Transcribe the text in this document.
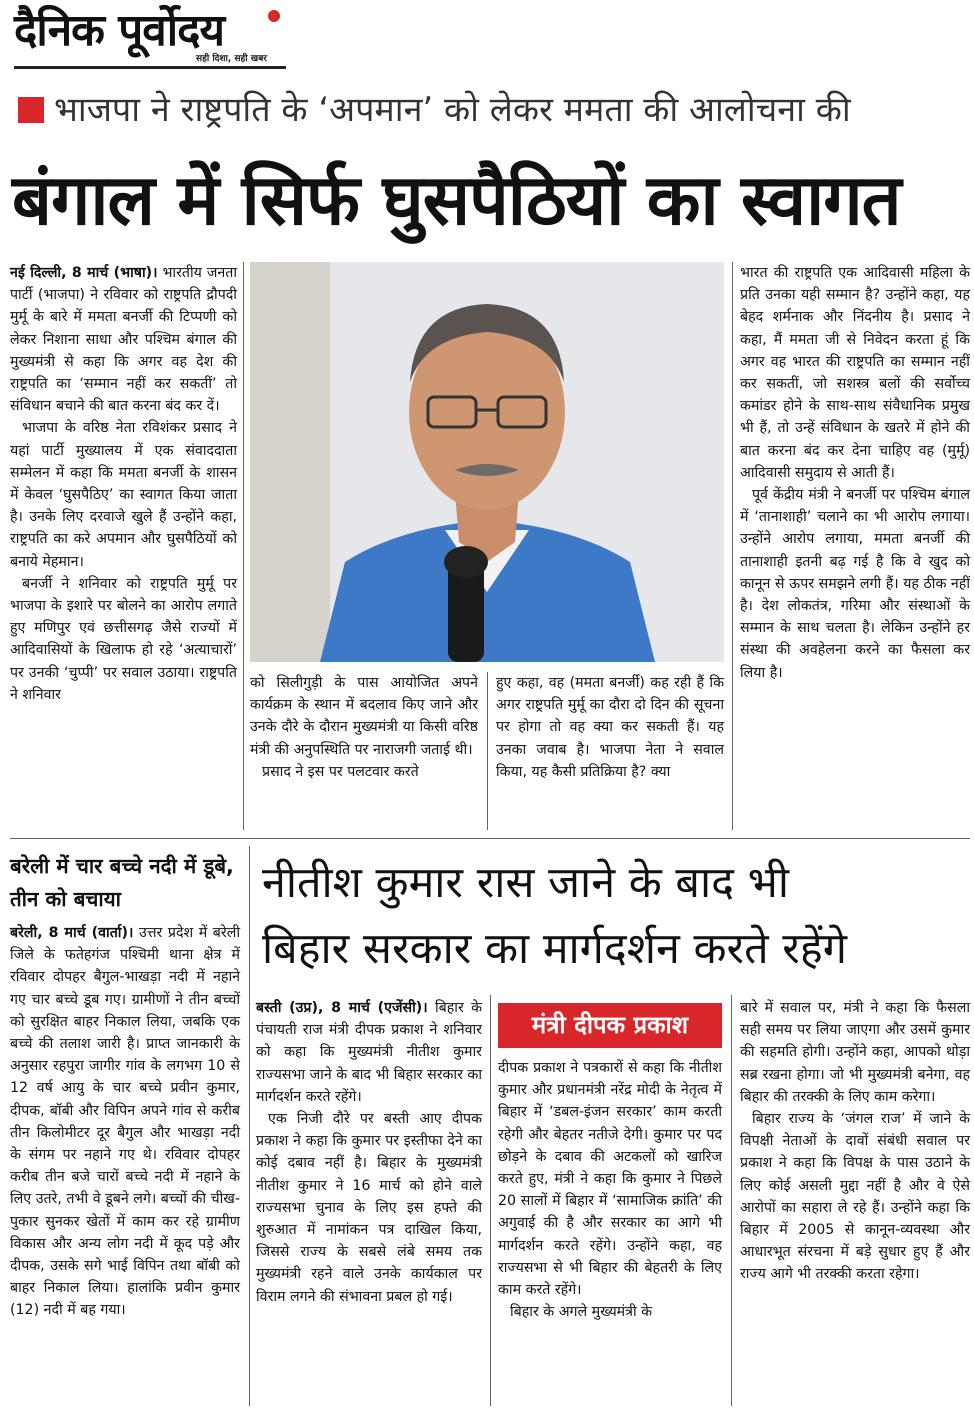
दैनिक पूर्वोदय
सही दिशा, सही खबर
भाजपा ने राष्ट्रपति के ‘अपमान’ को लेकर ममता की आलोचना की
बंगाल में सिर्फ घुसपैठियों का स्वागत

नई दिल्ली, 8 मार्च (भाषा)। भारतीय जनता पार्टी (भाजपा) ने रविवार को राष्ट्रपति द्रौपदी मुर्मू के बारे में ममता बनर्जी की टिप्पणी को लेकर निशाना साधा और पश्चिम बंगाल की मुख्यमंत्री से कहा कि अगर वह देश की राष्ट्रपति का ‘सम्मान नहीं कर सकतीं’ तो संविधान बचाने की बात करना बंद कर दें।

भाजपा के वरिष्ठ नेता रविशंकर प्रसाद ने यहां पार्टी मुख्यालय में एक संवाददाता सम्मेलन में कहा कि ममता बनर्जी के शासन में केवल ‘घुसपैठिए’ का स्वागत किया जाता है। उनके लिए दरवाजे खुले हैं उन्होंने कहा, राष्ट्रपति का करे अपमान और घुसपैठियों को बनाये मेहमान।

बनर्जी ने शनिवार को राष्ट्रपति मुर्मू पर भाजपा के इशारे पर बोलने का आरोप लगाते हुए मणिपुर एवं छत्तीसगढ़ जैसे राज्यों में आदिवासियों के खिलाफ हो रहे ‘अत्याचारों’ पर उनकी ‘चुप्पी’ पर सवाल उठाया। राष्ट्रपति ने शनिवार

को सिलीगुड़ी के पास आयोजित अपने कार्यक्रम के स्थान में बदलाव किए जाने और उनके दौरे के दौरान मुख्यमंत्री या किसी वरिष्ठ मंत्री की अनुपस्थिति पर नाराजगी जताई थी।

प्रसाद ने इस पर पलटवार करते

हुए कहा, वह (ममता बनर्जी) कह रही हैं कि अगर राष्ट्रपति मुर्मू का दौरा दो दिन की सूचना पर होगा तो वह क्या कर सकती हैं। यह उनका जवाब है। भाजपा नेता ने सवाल किया, यह कैसी प्रतिक्रिया है? क्या

भारत की राष्ट्रपति एक आदिवासी महिला के प्रति उनका यही सम्मान है? उन्होंने कहा, यह बेहद शर्मनाक और निंदनीय है। प्रसाद ने कहा, मैं ममता जी से निवेदन करता हूं कि अगर वह भारत की राष्ट्रपति का सम्मान नहीं कर सकतीं, जो सशस्त्र बलों की सर्वोच्च कमांडर होने के साथ-साथ संवैधानिक प्रमुख भी हैं, तो उन्हें संविधान के खतरे में होने की बात करना बंद कर देना चाहिए वह (मुर्मू) आदिवासी समुदाय से आती हैं।

पूर्व केंद्रीय मंत्री ने बनर्जी पर पश्चिम बंगाल में ‘तानाशाही’ चलाने का भी आरोप लगाया। उन्होंने आरोप लगाया, ममता बनर्जी की तानाशाही इतनी बढ़ गई है कि वे खुद को कानून से ऊपर समझने लगी हैं। यह ठीक नहीं है। देश लोकतंत्र, गरिमा और संस्थाओं के सम्मान के साथ चलता है। लेकिन उन्होंने हर संस्था की अवहेलना करने का फैसला कर लिया है।

बरेली में चार बच्चे नदी में डूबे, तीन को बचाया

बरेली, 8 मार्च (वार्ता)। उत्तर प्रदेश में बरेली जिले के फतेहगंज पश्चिमी थाना क्षेत्र में रविवार दोपहर बैगुल-भाखड़ा नदी में नहाने गए चार बच्चे डूब गए। ग्रामीणों ने तीन बच्चों को सुरक्षित बाहर निकाल लिया, जबकि एक बच्चे की तलाश जारी है। प्राप्त जानकारी के अनुसार रहपुरा जागीर गांव के लगभग 10 से 12 वर्ष आयु के चार बच्चे प्रवीन कुमार, दीपक, बॉबी और विपिन अपने गांव से करीब तीन किलोमीटर दूर बैगुल और भाखड़ा नदी के संगम पर नहाने गए थे। रविवार दोपहर करीब तीन बजे चारों बच्चे नदी में नहाने के लिए उतरे, तभी वे डूबने लगे। बच्चों की चीख-पुकार सुनकर खेतों में काम कर रहे ग्रामीण विकास और अन्य लोग नदी में कूद पड़े और दीपक, उसके सगे भाई विपिन तथा बॉबी को बाहर निकाल लिया। हालांकि प्रवीन कुमार (12) नदी में बह गया।

नीतीश कुमार रास जाने के बाद भी
बिहार सरकार का मार्गदर्शन करते रहेंगे

बस्ती (उप्र), 8 मार्च (एजेंसी)। बिहार के पंचायती राज मंत्री दीपक प्रकाश ने शनिवार को कहा कि मुख्यमंत्री नीतीश कुमार राज्यसभा जाने के बाद भी बिहार सरकार का मार्गदर्शन करते रहेंगे।

एक निजी दौरे पर बस्ती आए दीपक प्रकाश ने कहा कि कुमार पर इस्तीफा देने का कोई दबाव नहीं है। बिहार के मुख्यमंत्री नीतीश कुमार ने 16 मार्च को होने वाले राज्यसभा चुनाव के लिए इस हफ्ते की शुरुआत में नामांकन पत्र दाखिल किया, जिससे राज्य के सबसे लंबे समय तक मुख्यमंत्री रहने वाले उनके कार्यकाल पर विराम लगने की संभावना प्रबल हो गई।

मंत्री दीपक प्रकाश

दीपक प्रकाश ने पत्रकारों से कहा कि नीतीश कुमार और प्रधानमंत्री नरेंद्र मोदी के नेतृत्व में बिहार में ‘डबल-इंजन सरकार’ काम करती रहेगी और बेहतर नतीजे देगी। कुमार पर पद छोड़ने के दबाव की अटकलों को खारिज करते हुए, मंत्री ने कहा कि कुमार ने पिछले 20 सालों में बिहार में ‘सामाजिक क्रांति’ की अगुवाई की है और सरकार का आगे भी मार्गदर्शन करते रहेंगे। उन्होंने कहा, वह राज्यसभा से भी बिहार की बेहतरी के लिए काम करते रहेंगे।

बिहार के अगले मुख्यमंत्री के

बारे में सवाल पर, मंत्री ने कहा कि फैसला सही समय पर लिया जाएगा और उसमें कुमार की सहमति होगी। उन्होंने कहा, आपको थोड़ा सब्र रखना होगा। जो भी मुख्यमंत्री बनेगा, वह बिहार की तरक्की के लिए काम करेगा।

बिहार राज्य के ‘जंगल राज’ में जाने के विपक्षी नेताओं के दावों संबंधी सवाल पर प्रकाश ने कहा कि विपक्ष के पास उठाने के लिए कोई असली मुद्दा नहीं है और वे ऐसे आरोपों का सहारा ले रहे हैं। उन्होंने कहा कि बिहार में 2005 से कानून-व्यवस्था और आधारभूत संरचना में बड़े सुधार हुए हैं और राज्य आगे भी तरक्की करता रहेगा।
